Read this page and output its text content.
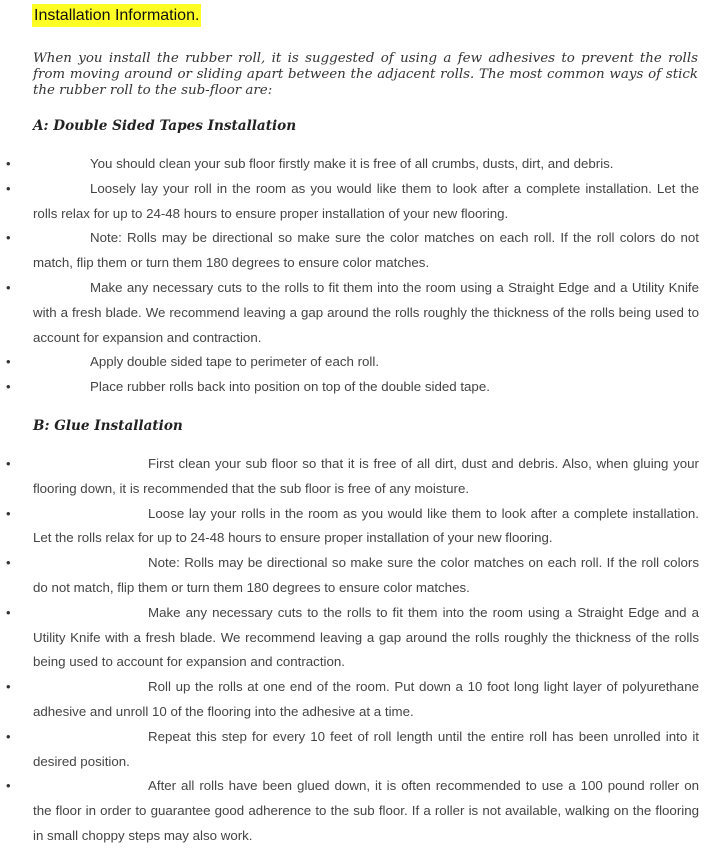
Installation Information.

When you install the rubber roll, it is suggested of using a few adhesives to prevent the rolls from moving around or sliding apart between the adjacent rolls. The most common ways of stick the rubber roll to the sub-floor are:

A: Double Sided Tapes Installation
•	You should clean your sub floor firstly make it is free of all crumbs, dusts, dirt, and debris.
•	Loosely lay your roll in the room as you would like them to look after a complete installation. Let the rolls relax for up to 24-48 hours to ensure proper installation of your new flooring.
•	Note: Rolls may be directional so make sure the color matches on each roll. If the roll colors do not match, flip them or turn them 180 degrees to ensure color matches.
•	Make any necessary cuts to the rolls to fit them into the room using a Straight Edge and a Utility Knife with a fresh blade. We recommend leaving a gap around the rolls roughly the thickness of the rolls being used to account for expansion and contraction.
•	Apply double sided tape to perimeter of each roll.
•	Place rubber rolls back into position on top of the double sided tape.
B: Glue Installation
•	First clean your sub floor so that it is free of all dirt, dust and debris. Also, when gluing your flooring down, it is recommended that the sub floor is free of any moisture.
•	Loose lay your rolls in the room as you would like them to look after a complete installation. Let the rolls relax for up to 24-48 hours to ensure proper installation of your new flooring.
•	Note: Rolls may be directional so make sure the color matches on each roll. If the roll colors do not match, flip them or turn them 180 degrees to ensure color matches.
•	Make any necessary cuts to the rolls to fit them into the room using a Straight Edge and a Utility Knife with a fresh blade. We recommend leaving a gap around the rolls roughly the thickness of the rolls being used to account for expansion and contraction.
•	Roll up the rolls at one end of the room. Put down a 10 foot long light layer of polyurethane adhesive and unroll 10 of the flooring into the adhesive at a time.
•	Repeat this step for every 10 feet of roll length until the entire roll has been unrolled into it desired position.
•	After all rolls have been glued down, it is often recommended to use a 100 pound roller on the floor in order to guarantee good adherence to the sub floor. If a roller is not available, walking on the flooring in small choppy steps may also work.
